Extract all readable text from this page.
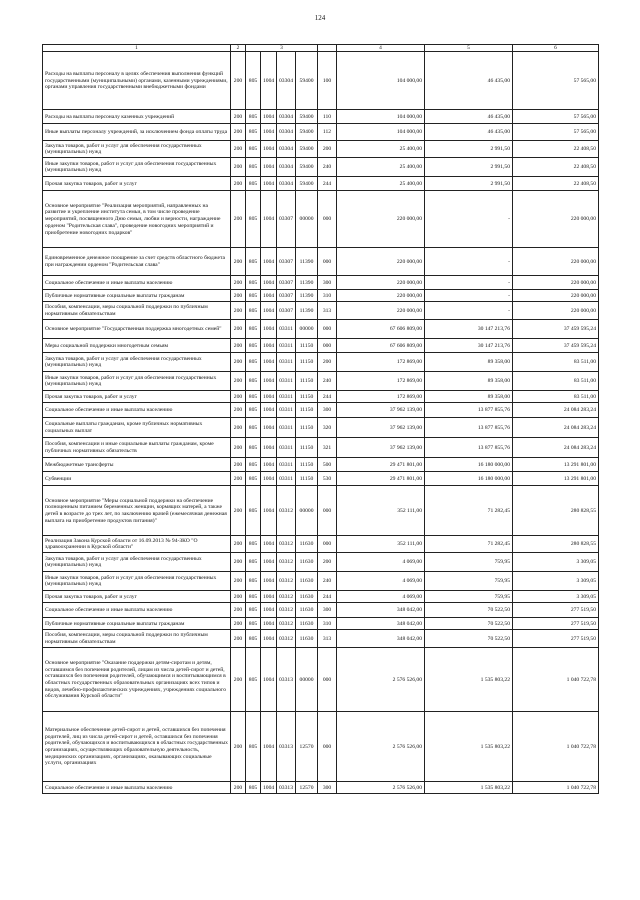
124
1	2	3					4	5	6
Расходы на выплаты персоналу в целях обеспечения выполнения функций государственными (муниципальными) органами, казенными учреждениями, органами управления государственными внебюджетными фондами	200	805	1004	03304	59400	100	104 000,00	46 435,00	57 565,00
Расходы на выплаты персоналу казенных учреждений	200	805	1004	03304	59400	110	104 000,00	46 435,00	57 565,00
Иные выплаты персоналу учреждений, за исключением фонда оплаты труда	200	805	1004	03304	59400	112	104 000,00	46 435,00	57 565,00
Закупка товаров, работ и услуг для обеспечения государственных (муниципальных) нужд	200	805	1004	03304	59400	200	25 400,00	2 991,50	22 408,50
Иные закупки товаров, работ и услуг для обеспечения государственных (муниципальных) нужд	200	805	1004	03304	59400	240	25 400,00	2 991,50	22 408,50
Прочая закупка товаров, работ и услуг	200	805	1004	03304	59400	244	25 400,00	2 991,50	22 408,50
Основное мероприятие "Реализация мероприятий, направленных на развитие и укрепление института семьи, в том числе проведение мероприятий, посвященного Дню семьи, любви и верности, награждение орденом "Родительская слава", проведение новогодних мероприятий и приобретение новогодних подарков"	200	805	1004	03307	00000	000	220 000,00	-	220 000,00
Единовременное денежное поощрение за счет средств областного бюджета при награждении орденом "Родительская слава"	200	805	1004	03307	11390	000	220 000,00	-	220 000,00
Социальное обеспечение и иные выплаты населению	200	805	1004	03307	11390	300	220 000,00	-	220 000,00
Публичные нормативные социальные выплаты гражданам	200	805	1004	03307	11390	310	220 000,00	-	220 000,00
Пособия, компенсации, меры социальной поддержки по публичным нормативным обязательствам	200	805	1004	03307	11390	313	220 000,00	-	220 000,00
Основное мероприятие "Государственная поддержка многодетных семей"	200	805	1004	03311	00000	000	67 606 809,00	30 147 213,76	37 459 595,24
Меры социальной поддержки многодетным семьям	200	805	1004	03311	11150	000	67 606 809,00	30 147 213,76	37 459 595,24
Закупка товаров, работ и услуг для обеспечения государственных (муниципальных) нужд	200	805	1004	03311	11150	200	172 869,00	89 358,00	83 511,00
Иные закупки товаров, работ и услуг для обеспечения государственных (муниципальных) нужд	200	805	1004	03311	11150	240	172 869,00	89 358,00	83 511,00
Прочая закупка товаров, работ и услуг	200	805	1004	03311	11150	244	172 869,00	89 358,00	83 511,00
Социальное обеспечение и иные выплаты населению	200	805	1004	03311	11150	300	37 962 139,00	13 877 855,76	24 084 283,24
Социальные выплаты гражданам, кроме публичных нормативных социальных выплат	200	805	1004	03311	11150	320	37 962 139,00	13 877 855,76	24 084 283,24
Пособия, компенсации и иные социальные выплаты гражданам, кроме публичных нормативных обязательств	200	805	1004	03311	11150	321	37 962 139,00	13 877 855,76	24 084 283,24
Межбюджетные трансферты	200	805	1004	03311	11150	500	29 471 801,00	16 180 000,00	13 291 801,00
Субвенции	200	805	1004	03311	11150	530	29 471 801,00	16 180 000,00	13 291 801,00
Основное мероприятие "Меры социальной поддержки на обеспечение полноценным питанием беременных женщин, кормящих матерей, а также детей в возрасте до трех лет, по заключению врачей (ежемесячная денежная выплата на приобретение продуктов питания)"	200	805	1004	03312	00000	000	352 111,00	71 282,45	280 828,55
Реализация Закона Курской области от 16.09.2013 № 94-ЗКО "О здравоохранении в Курской области"	200	805	1004	03312	11630	000	352 111,00	71 282,45	280 828,55
Закупка товаров, работ и услуг для обеспечения государственных (муниципальных) нужд	200	805	1004	03312	11630	200	4 069,00	759,95	3 309,05
Иные закупки товаров, работ и услуг для обеспечения государственных (муниципальных) нужд	200	805	1004	03312	11630	240	4 069,00	759,95	3 309,05
Прочая закупка товаров, работ и услуг	200	805	1004	03312	11630	244	4 069,00	759,95	3 309,05
Социальное обеспечение и иные выплаты населению	200	805	1004	03312	11630	300	348 042,00	70 522,50	277 519,50
Публичные нормативные социальные выплаты гражданам	200	805	1004	03312	11630	310	348 042,00	70 522,50	277 519,50
Пособия, компенсации, меры социальной поддержки по публичным нормативным обязательствам	200	805	1004	03312	11630	313	348 042,00	70 522,50	277 519,50
Основное мероприятие "Оказание поддержки детям-сиротам и детям, оставшимся без попечения родителей, лицам из числа детей-сирот и детей, оставшихся без попечения родителей, обучающимся и воспитывающимся в областных государственных образовательных организациях всех типов и видов, лечебно-профилактических учреждениях, учреждениях социального обслуживания Курской области"	200	805	1004	03313	00000	000	2 576 526,00	1 535 803,22	1 040 722,78
Материальное обеспечение детей-сирот и детей, оставшихся без попечения родителей, лиц из числа детей-сирот и детей, оставшихся без попечения родителей, обучающихся и воспитывающихся в областных государственных организациях, осуществляющих образовательную деятельность, медицинских организациях, организациях, оказывающих социальные услуги, организациях	200	805	1004	03313	12570	000	2 576 526,00	1 535 803,22	1 040 722,78
Социальное обеспечение и иные выплаты населению	200	805	1004	03313	12570	300	2 576 526,00	1 535 803,22	1 040 722,78
